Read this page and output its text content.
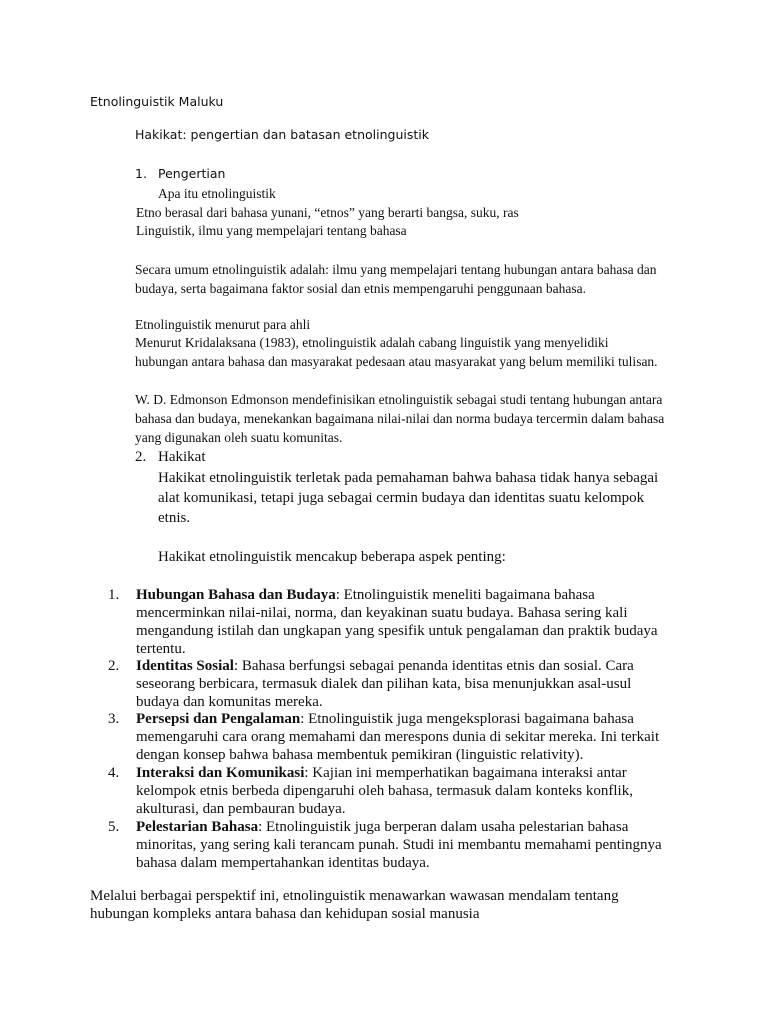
Etnolinguistik Maluku
Hakikat: pengertian dan batasan etnolinguistik
1. Pengertian
Apa itu etnolinguistik
Etno berasal dari bahasa yunani, “etnos” yang berarti bangsa, suku, ras
Linguistik, ilmu yang mempelajari tentang bahasa
Secara umum etnolinguistik adalah: ilmu yang mempelajari tentang hubungan antara bahasa dan
budaya, serta bagaimana faktor sosial dan etnis mempengaruhi penggunaan bahasa.
Etnolinguistik menurut para ahli
Menurut Kridalaksana (1983), etnolinguistik adalah cabang linguistik yang menyelidiki
hubungan antara bahasa dan masyarakat pedesaan atau masyarakat yang belum memiliki tulisan.
W. D. Edmonson Edmonson mendefinisikan etnolinguistik sebagai studi tentang hubungan antara
bahasa dan budaya, menekankan bagaimana nilai-nilai dan norma budaya tercermin dalam bahasa
yang digunakan oleh suatu komunitas.
2. Hakikat
Hakikat etnolinguistik terletak pada pemahaman bahwa bahasa tidak hanya sebagai
alat komunikasi, tetapi juga sebagai cermin budaya dan identitas suatu kelompok
etnis.
Hakikat etnolinguistik mencakup beberapa aspek penting:
1. Hubungan Bahasa dan Budaya: Etnolinguistik meneliti bagaimana bahasa
mencerminkan nilai-nilai, norma, dan keyakinan suatu budaya. Bahasa sering kali
mengandung istilah dan ungkapan yang spesifik untuk pengalaman dan praktik budaya
tertentu.
2. Identitas Sosial: Bahasa berfungsi sebagai penanda identitas etnis dan sosial. Cara
seseorang berbicara, termasuk dialek dan pilihan kata, bisa menunjukkan asal-usul
budaya dan komunitas mereka.
3. Persepsi dan Pengalaman: Etnolinguistik juga mengeksplorasi bagaimana bahasa
memengaruhi cara orang memahami dan merespons dunia di sekitar mereka. Ini terkait
dengan konsep bahwa bahasa membentuk pemikiran (linguistic relativity).
4. Interaksi dan Komunikasi: Kajian ini memperhatikan bagaimana interaksi antar
kelompok etnis berbeda dipengaruhi oleh bahasa, termasuk dalam konteks konflik,
akulturasi, dan pembauran budaya.
5. Pelestarian Bahasa: Etnolinguistik juga berperan dalam usaha pelestarian bahasa
minoritas, yang sering kali terancam punah. Studi ini membantu memahami pentingnya
bahasa dalam mempertahankan identitas budaya.
Melalui berbagai perspektif ini, etnolinguistik menawarkan wawasan mendalam tentang
hubungan kompleks antara bahasa dan kehidupan sosial manusia
